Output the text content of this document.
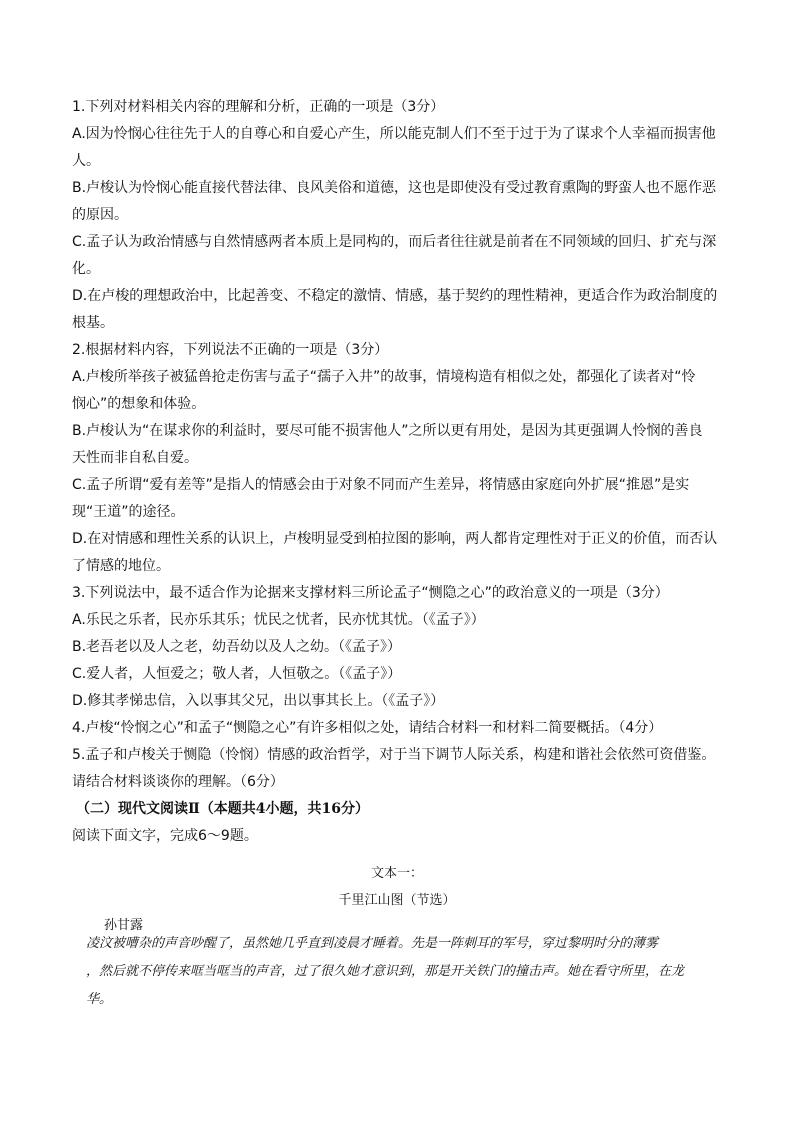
1.下列对材料相关内容的理解和分析，正确的一项是（3分）
A.因为怜悯心往往先于人的自尊心和自爱心产生，所以能克制人们不至于过于为了谋求个人幸福而损害他
人。
B.卢梭认为怜悯心能直接代替法律、良风美俗和道德，这也是即使没有受过教育熏陶的野蛮人也不愿作恶
的原因。
C.孟子认为政治情感与自然情感两者本质上是同构的，而后者往往就是前者在不同领域的回归、扩充与深
化。
D.在卢梭的理想政治中，比起善变、不稳定的激情、情感，基于契约的理性精神，更适合作为政治制度的
根基。
2.根据材料内容，下列说法不正确的一项是（3分）
A.卢梭所举孩子被猛兽抢走伤害与孟子“孺子入井”的故事，情境构造有相似之处，都强化了读者对“怜
悯心”的想象和体验。
B.卢梭认为“在谋求你的利益时，要尽可能不损害他人”之所以更有用处，是因为其更强调人怜悯的善良
天性而非自私自爱。
C.孟子所谓“爱有差等”是指人的情感会由于对象不同而产生差异，将情感由家庭向外扩展“推恩”是实
现“王道”的途径。
D.在对情感和理性关系的认识上，卢梭明显受到柏拉图的影响，两人都肯定理性对于正义的价值，而否认
了情感的地位。
3.下列说法中，最不适合作为论据来支撑材料三所论孟子“恻隐之心”的政治意义的一项是（3分）
A.乐民之乐者，民亦乐其乐；忧民之忧者，民亦忧其忧。（《孟子》）
B.老吾老以及人之老，幼吾幼以及人之幼。（《孟子》）
C.爱人者，人恒爱之；敬人者，人恒敬之。（《孟子》）
D.修其孝悌忠信，入以事其父兄，出以事其长上。（《孟子》）
4.卢梭“怜悯之心”和孟子“恻隐之心”有许多相似之处，请结合材料一和材料二简要概括。（4分）
5.孟子和卢梭关于恻隐（怜悯）情感的政治哲学，对于当下调节人际关系，构建和谐社会依然可资借鉴。
请结合材料谈谈你的理解。（6分）
（二）现代文阅读Ⅱ（本题共4小题，共16分）
阅读下面文字，完成6～9题。
文本一：
千里江山图（节选）
孙甘露
凌汶被嘈杂的声音吵醒了，虽然她几乎直到凌晨才睡着。先是一阵刺耳的军号，穿过黎明时分的薄雾
，然后就不停传来哐当哐当的声音，过了很久她才意识到，那是开关铁门的撞击声。她在看守所里，在龙
华。
